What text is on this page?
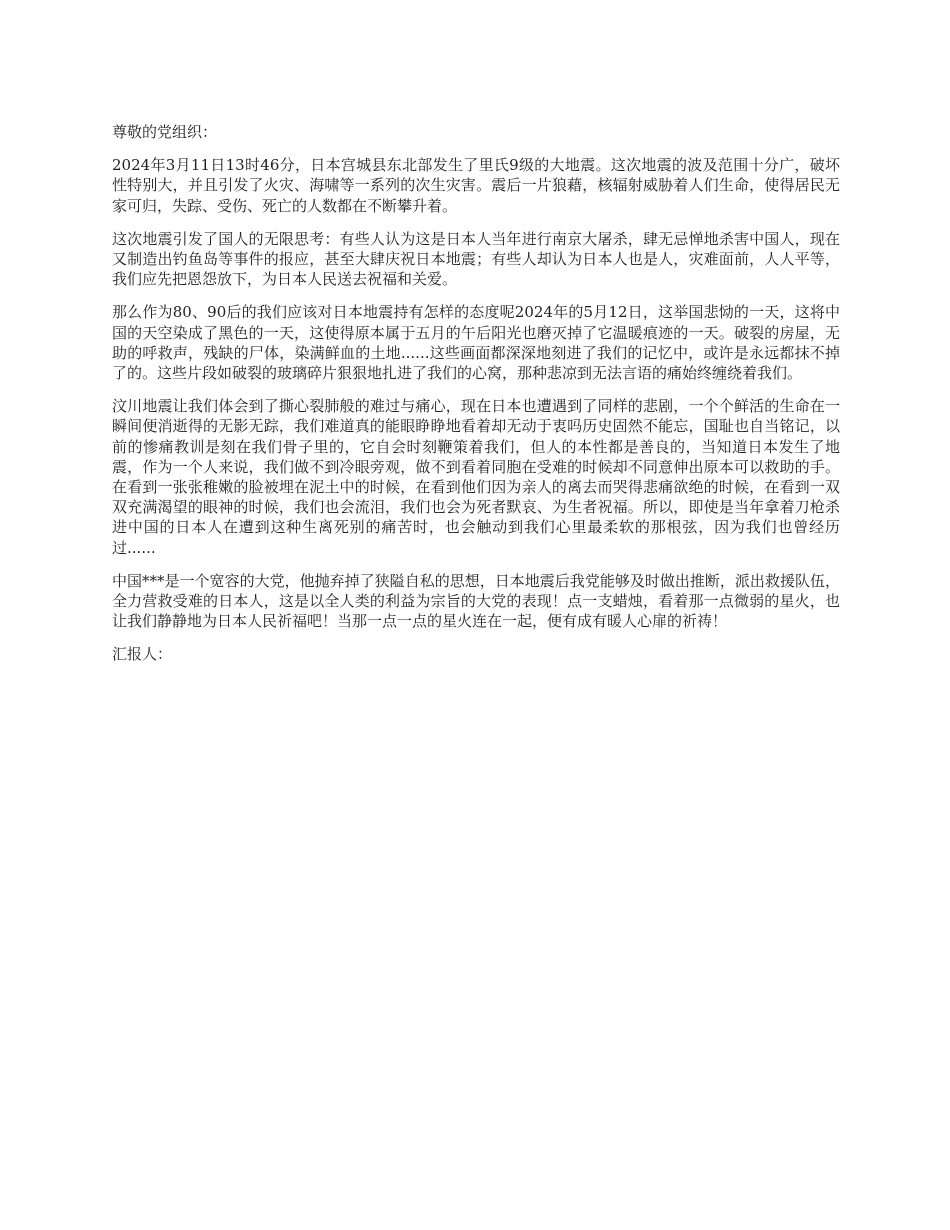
尊敬的党组织：

2024年3月11日13时46分，日本宫城县东北部发生了里氏9级的大地震。这次地震的波及范围十分广，破坏性特别大，并且引发了火灾、海啸等一系列的次生灾害。震后一片狼藉，核辐射威胁着人们生命，使得居民无家可归，失踪、受伤、死亡的人数都在不断攀升着。

这次地震引发了国人的无限思考：有些人认为这是日本人当年进行南京大屠杀，肆无忌惮地杀害中国人，现在又制造出钓鱼岛等事件的报应，甚至大肆庆祝日本地震；有些人却认为日本人也是人，灾难面前，人人平等，我们应先把恩怨放下，为日本人民送去祝福和关爱。

那么作为80、90后的我们应该对日本地震持有怎样的态度呢2024年的5月12日，这举国悲恸的一天，这将中国的天空染成了黑色的一天，这使得原本属于五月的午后阳光也磨灭掉了它温暖痕迹的一天。破裂的房屋，无助的呼救声，残缺的尸体，染满鲜血的土地......这些画面都深深地刻进了我们的记忆中，或许是永远都抹不掉了的。这些片段如破裂的玻璃碎片狠狠地扎进了我们的心窝，那种悲凉到无法言语的痛始终缠绕着我们。

汶川地震让我们体会到了撕心裂肺般的难过与痛心，现在日本也遭遇到了同样的悲剧，一个个鲜活的生命在一瞬间便消逝得的无影无踪，我们难道真的能眼睁睁地看着却无动于衷吗历史固然不能忘，国耻也自当铭记，以前的惨痛教训是刻在我们骨子里的，它自会时刻鞭策着我们，但人的本性都是善良的，当知道日本发生了地震，作为一个人来说，我们做不到冷眼旁观，做不到看着同胞在受难的时候却不同意伸出原本可以救助的手。在看到一张张稚嫩的脸被埋在泥土中的时候，在看到他们因为亲人的离去而哭得悲痛欲绝的时候，在看到一双双充满渴望的眼神的时候，我们也会流泪，我们也会为死者默哀、为生者祝福。所以，即使是当年拿着刀枪杀进中国的日本人在遭到这种生离死别的痛苦时，也会触动到我们心里最柔软的那根弦，因为我们也曾经历过......

中国***是一个宽容的大党，他抛弃掉了狭隘自私的思想，日本地震后我党能够及时做出推断，派出救援队伍，全力营救受难的日本人，这是以全人类的利益为宗旨的大党的表现！点一支蜡烛，看着那一点微弱的星火，也让我们静静地为日本人民祈福吧！当那一点一点的星火连在一起，便有成有暖人心扉的祈祷！

汇报人：
